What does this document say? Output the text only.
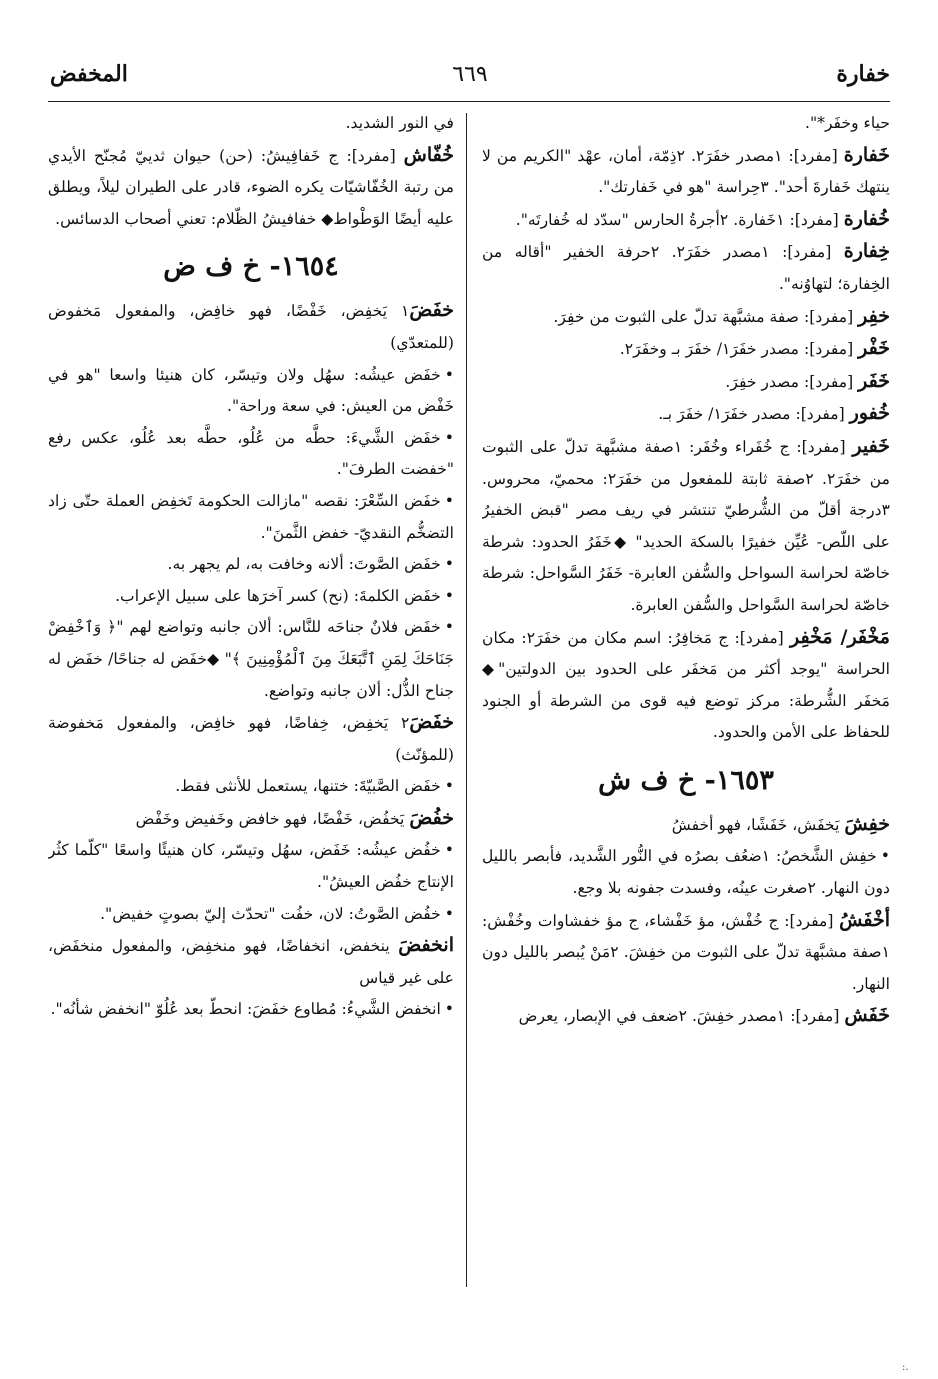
خفارة
٦٦٩
المخفض

حياء وخفَر*".

خَفارة [مفرد]: ١مصدر خفَرَ٢. ٢ذِمّة، أمان، عهْد "الكريم من لا ينتهك خَفارةَ أحد". ٣حِراسة "هو في خَفارتك".

خُفارة [مفرد]: ١خَفارة. ٢أجرةُ الحارس "سدّد له خُفارتَه".

خِفارة [مفرد]: ١مصدر خفَرَ٢. ٢حرفة الخفير "أقاله من الخِفارة؛ لتهاوُنه".

خفِر [مفرد]: صفة مشبَّهة تدلّ على الثبوت من خفِرَ.

خَفْر [مفرد]: مصدر خفَرَ١/ خفَرَ بـ وخفَرَ٢.

خَفَر [مفرد]: مصدر خفِرَ.

خُفور [مفرد]: مصدر خفَرَ١/ خفَرَ بـ.

خَفير [مفرد]: ج خُفَراء وخُفَر: ١صفة مشبَّهة تدلّ على الثبوت من خفَرَ٢. ٢صفة ثابتة للمفعول من خفَرَ٢: محميّ، محروس. ٣درجة أقلّ من الشُّرطيّ تنتشر في ريف مصر "قبض الخفيرُ على اللّص- عُيِّن خفيرًا بالسكة الحديد" ◆خَفَرُ الحدود: شرطة خاصّة لحراسة السواحل والسُّفن العابرة- خَفَرُ السَّواحل: شرطة خاصّة لحراسة السَّواحل والسُّفن العابرة.

مَخْفَر/ مَخْفِر [مفرد]: ج مَخافِرُ: اسم مكان من خفَرَ٢: مكان الحراسة "يوجد أكثر من مَخفَر على الحدود بين الدولتين"◆ مَخفَر الشُّرطة: مركز توضع فيه قوى من الشرطة أو الجنود للحفاظ على الأمن والحدود.

١٦٥٣- خ ف ش

خفِشَ يَخفَش، خَفَشًا، فهو أخفشُ

•خفِش الشَّخصُ: ١ضعُف بصرُه في النُّور الشَّديد، فأبصر بالليل دون النهار. ٢صغرت عينُه، وفسدت جفونه بلا وجع.

أخْفَشُ [مفرد]: ج خُفْش، مؤ خَفْشاء، ج مؤ خفشاوات وخُفْش: ١صفة مشبَّهة تدلّ على الثبوت من خفِشَ. ٢مَنْ يُبصر بالليل دون النهار.

خَفَش [مفرد]: ١مصدر خفِشَ. ٢ضعف في الإبصار، يعرض

في النور الشديد.

خُفّاش [مفرد]: ج خَفافِيشُ: (حن) حيوان ثدييّ مُجنّح الأيدي من رتبة الخُفّاشيّات يكره الضوء، قادر على الطيران ليلاً، ويطلق عليه أيضًا الوَطْواط◆ خفافيشُ الظّلام: تعني أصحاب الدسائس.

١٦٥٤- خ ف ض

خفَضَ١ يَخفِض، خَفْضًا، فهو خافِض، والمفعول مَخفوض (للمتعدّي)

•خفَض عيشُه: سهُل ولان وتيسّر، كان هنيئا واسعا "هو في خَفْض من العيش: في سعة وراحة".

•خفَض الشَّيءَ: حطَّه من عُلُو، حطَّه بعد عُلُو، عكس رفع "خفضت الطرفَ".

•خفَض السِّعْرَ: نقصه "مازالت الحكومة تَخفِض العملة حتّى زاد التضخُّم النقديّ- خفض الثَّمنَ".

•خفَض الصَّوتَ: ألانه وخافت به، لم يجهر به.

•خفَض الكلمةَ: (نح) كسر آخرَها على سبيل الإعراب.

•خفَض فلانٌ جناحَه للنَّاس: ألان جانبه وتواضع لهم "﴿ وَٱخْفِضْ جَنَاحَكَ لِمَنِ ٱتَّبَعَكَ مِنَ ٱلْمُؤْمِنِينَ ﴾" ◆خفَض له جناحًا/ خفَض له جناح الذُّل: ألان جانبه وتواضع.

خفَضَ٢ يَخفِض، خِفاضًا، فهو خافِض، والمفعول مَخفوضة (للمؤنّث)

•خفَض الصَّبيّةَ: ختنها، يستعمل للأنثى فقط.

خفُضَ يَخفُض، خَفْضًا، فهو خافض وخَفيض وخَفْض

•خفُض عيشُه: خَفَض، سهُل وتيسّر، كان هنيئًا واسعًا "كلّما كثُر الإنتاج خفُض العيشُ".

•خفُض الصَّوتُ: لان، خفُت "تحدّث إليّ بصوتٍ خفيض".

انخفضَ ينخفض، انخفاضًا، فهو منخفِض، والمفعول منخفَض، على غير قياس

•انخفض الشَّيءُ: مُطاوع خفَضَ: انحطّ بعد عُلُوّ "انخفض شأنُه".

.:
